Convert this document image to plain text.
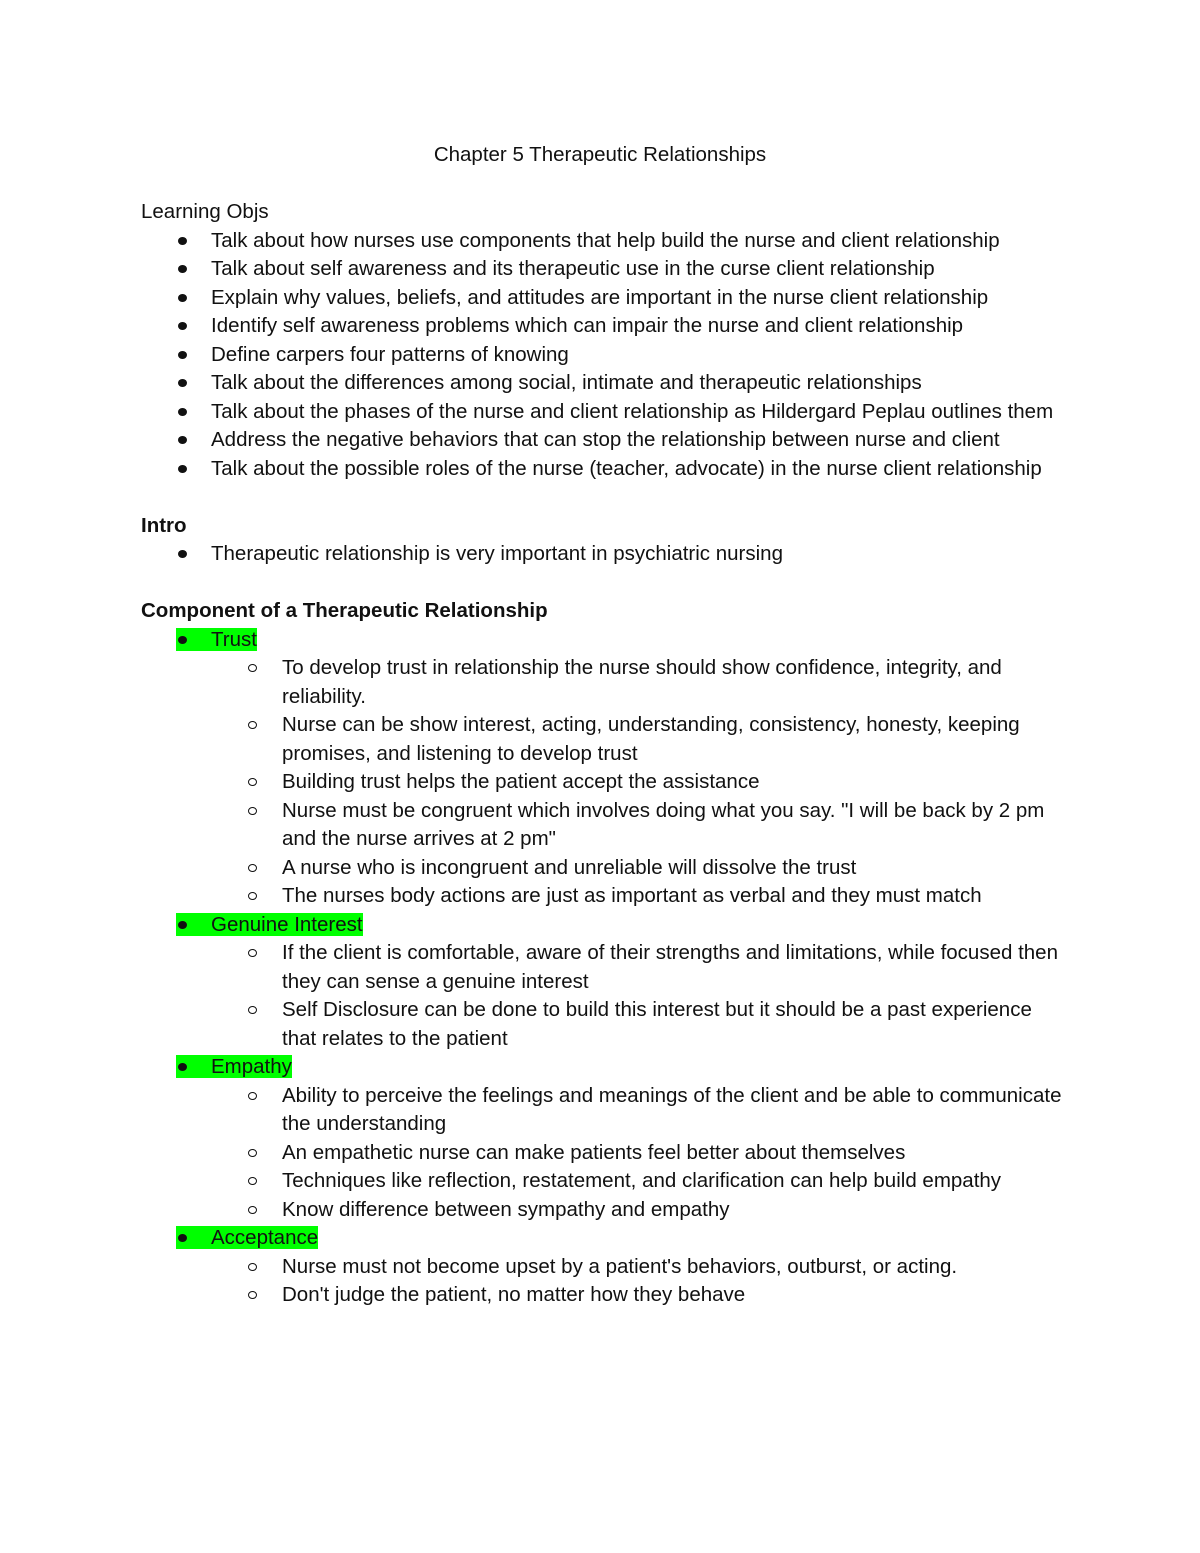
Chapter 5 Therapeutic Relationships
Learning Objs
Talk about how nurses use components that help build the nurse and client relationship
Talk about self awareness and its therapeutic use in the curse client relationship
Explain why values, beliefs, and attitudes are important in the nurse client relationship
Identify self awareness problems which can impair the nurse and client relationship
Define carpers four patterns of knowing
Talk about the differences among social, intimate and therapeutic relationships
Talk about the phases of the nurse and client relationship as Hildergard Peplau outlines them
Address the negative behaviors that can stop the relationship between nurse and client
Talk about the possible roles of the nurse (teacher, advocate) in the nurse client relationship
Intro
Therapeutic relationship is very important in psychiatric nursing
Component of a Therapeutic Relationship
Trust
To develop trust in relationship the nurse should show confidence, integrity, and reliability.
Nurse can be show interest, acting, understanding, consistency, honesty, keeping promises, and listening to develop trust
Building trust helps the patient accept the assistance
Nurse must be congruent which involves doing what you say. "I will be back by 2 pm and the nurse arrives at 2 pm"
A nurse who is incongruent and unreliable will dissolve the trust
The nurses body actions are just as important as verbal and they must match
Genuine Interest
If the client is comfortable, aware of their strengths and limitations, while focused then they can sense a genuine interest
Self Disclosure can be done to build this interest but it should be a past experience that relates to the patient
Empathy
Ability to perceive the feelings and meanings of the client and be able to communicate the understanding
An empathetic nurse can make patients feel better about themselves
Techniques like reflection, restatement, and clarification can help build empathy
Know difference between sympathy and empathy
Acceptance
Nurse must not become upset by a patient's behaviors, outburst, or acting.
Don't judge the patient, no matter how they behave
